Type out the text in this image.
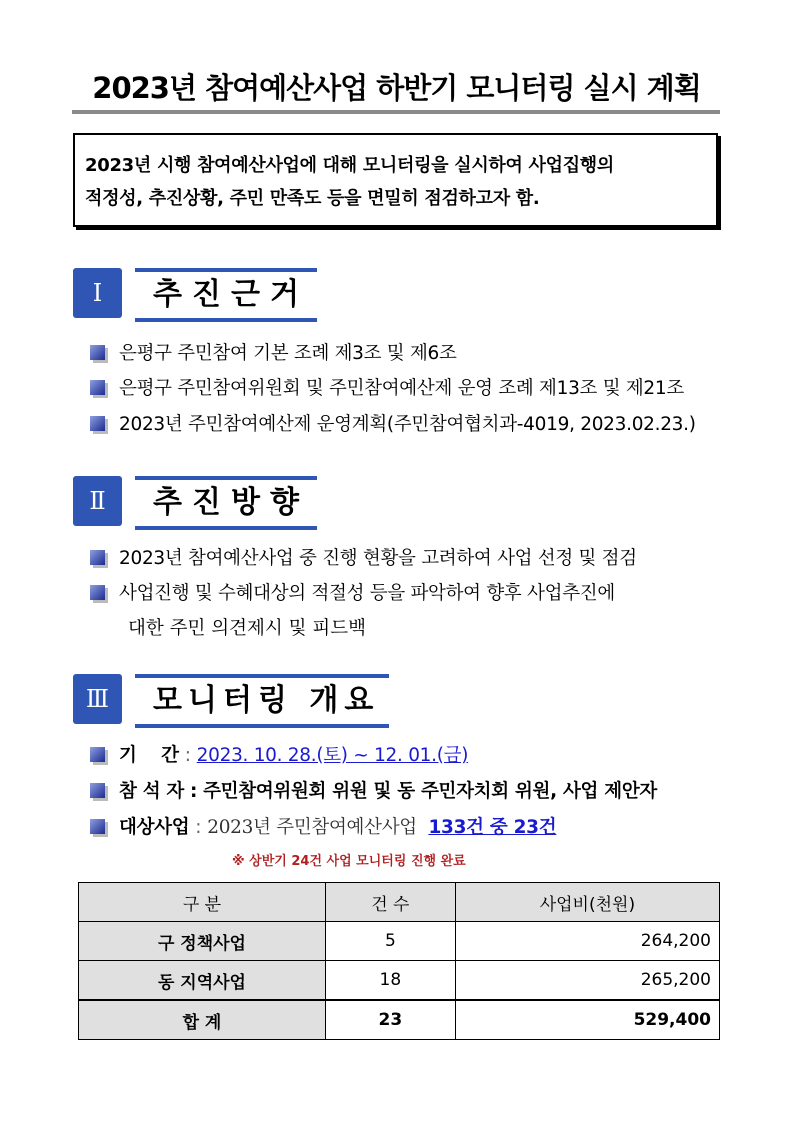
2023년 참여예산사업 하반기 모니터링 실시 계획
2023년 시행 참여예산사업에 대해 모니터링을 실시하여 사업집행의
적정성, 추진상황, 주민 만족도 등을 면밀히 점검하고자 함.
Ⅰ	추진근거
은평구 주민참여 기본 조례 제3조 및 제6조
은평구 주민참여위원회 및 주민참여예산제 운영 조례 제13조 및 제21조
2023년 주민참여예산제 운영계획(주민참여협치과-4019, 2023.02.23.)
Ⅱ	추진방향
2023년 참여예산사업 중 진행 현황을 고려하여 사업 선정 및 점검
사업진행 및 수혜대상의 적절성 등을 파악하여 향후 사업추진에
대한 주민 의견제시 및 피드백
Ⅲ	모니터링 개요
기    간 : 2023. 10. 28.(토) ~ 12. 01.(금)
참 석 자 : 주민참여위원회 위원 및 동 주민자치회 위원, 사업 제안자
대상사업 : 2023년 주민참여예산사업 133건 중 23건
※ 상반기 24건 사업 모니터링 진행 완료
구 분	건 수	사업비(천원)
구 정책사업	5	264,200
동 지역사업	18	265,200
합 계	23	529,400
